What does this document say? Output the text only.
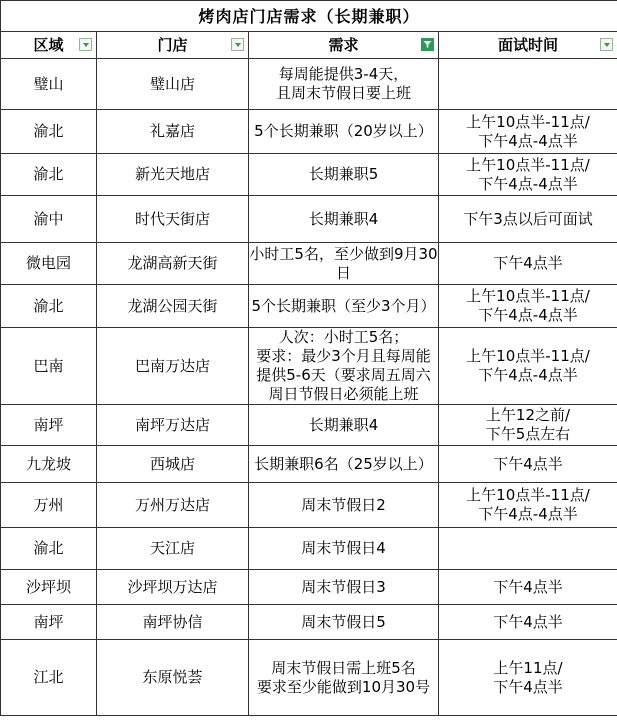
烤肉店门店需求（长期兼职）			
区域	门店	需求	面试时间

璧山	璧山店	每周能提供3-4天，
且周末节假日要上班	

渝北	礼嘉店	5个长期兼职（20岁以上）	上午10点半-11点/
下午4点-4点半

渝北	新光天地店	长期兼职5	上午10点半-11点/
下午4点-4点半

渝中	时代天街店	长期兼职4	下午3点以后可面试

微电园	龙湖高新天街	小时工5名，至少做到9月30
日	下午4点半

渝北	龙湖公园天街	5个长期兼职（至少3个月）	上午10点半-11点/
下午4点-4点半

巴南	巴南万达店	人次：小时工5名；
要求：最少3个月且每周能
提供5-6天（要求周五周六
周日节假日必须能上班	上午10点半-11点/
下午4点-4点半

南坪	南坪万达店	长期兼职4	上午12之前/
下午5点左右

九龙坡	西城店	长期兼职6名（25岁以上）	下午4点半

万州	万州万达店	周末节假日2	上午10点半-11点/
下午4点-4点半

渝北	天江店	周末节假日4	

沙坪坝	沙坪坝万达店	周末节假日3	下午4点半

南坪	南坪协信	周末节假日5	下午4点半

江北	东原悦荟	周末节假日需上班5名
要求至少能做到10月30号	上午11点/
下午4点半
